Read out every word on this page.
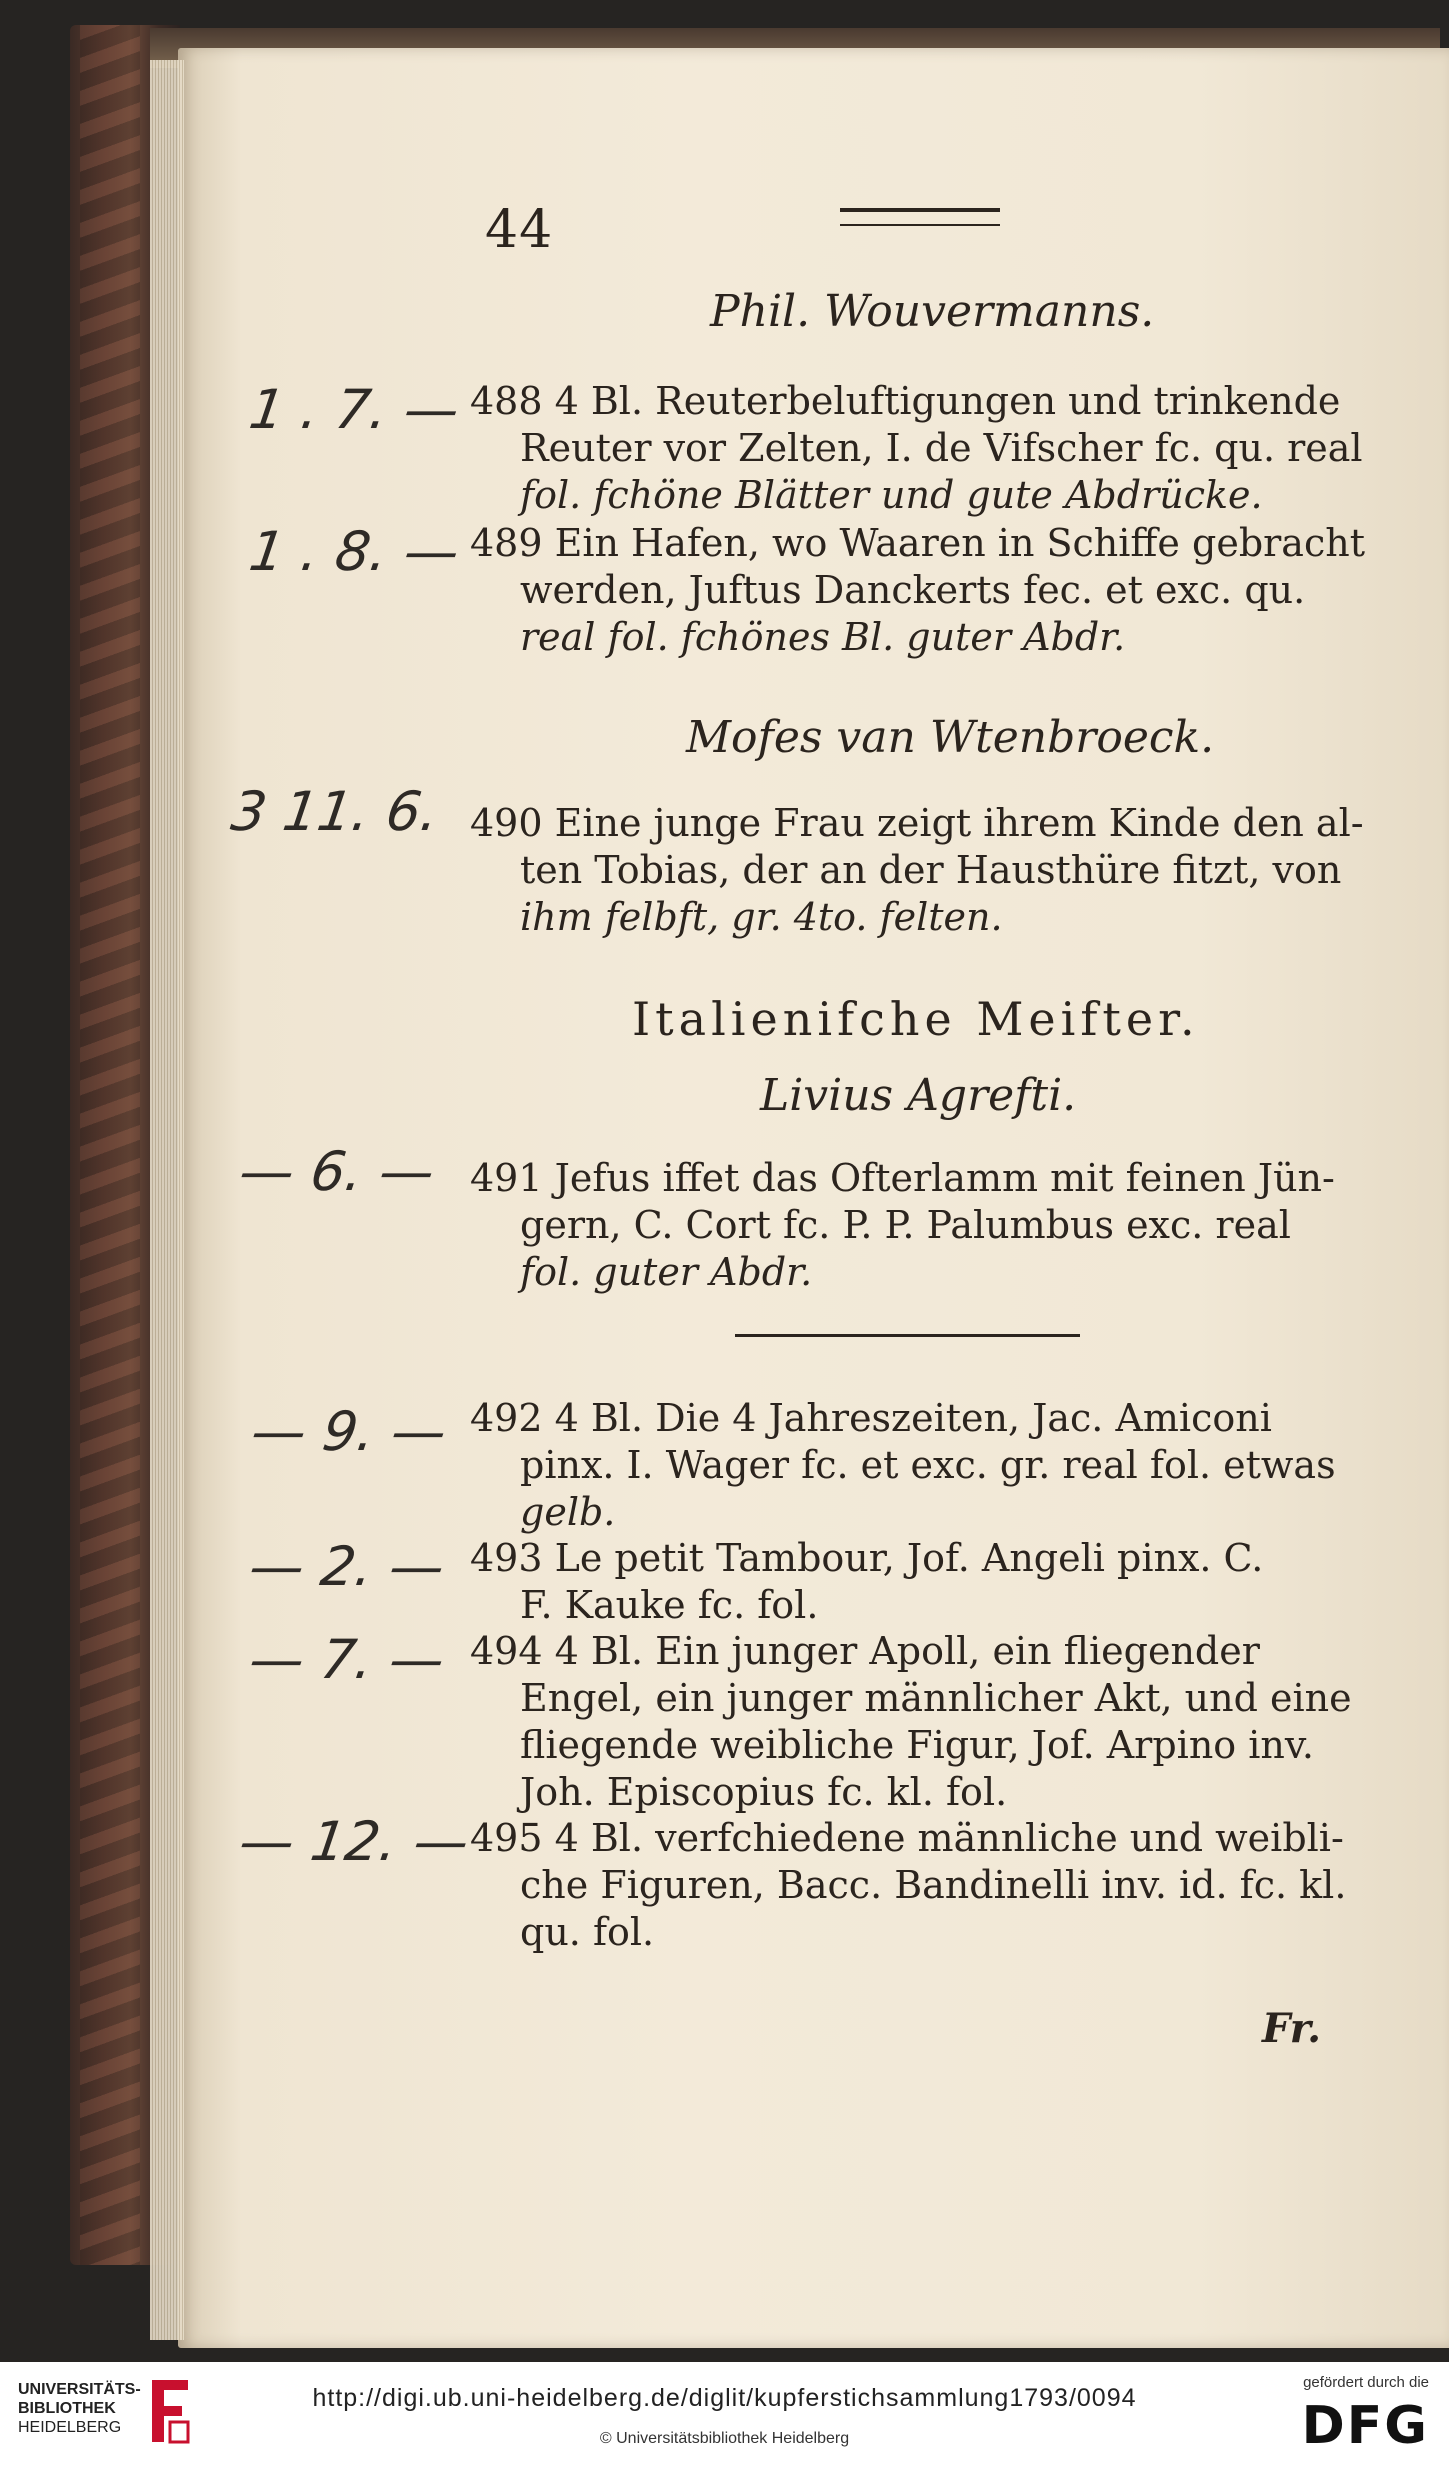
44
Phil. Wouvermanns.
1 . 7. — 488 4 Bl. Reuterbeluftigungen und trinkende
Reuter vor Zelten, I. de Vifscher fc. qu. real
fol. fchöne Blätter und gute Abdrücke.
1 . 8. — 489 Ein Hafen, wo Waaren in Schiffe gebracht
werden, Juftus Danckerts fec. et exc. qu.
real fol. fchönes Bl. guter Abdr.
Mofes van Wtenbroeck.
3 11. 6. 490 Eine junge Frau zeigt ihrem Kinde den al-
ten Tobias, der an der Hausthüre fitzt, von
ihm felbft, gr. 4to. felten.
Italienifche Meifter.
Livius Agrefti.
— 6. — 491 Jefus iffet das Ofterlamm mit feinen Jün-
gern, C. Cort fc. P. P. Palumbus exc. real
fol. guter Abdr.
— 9. — 492 4 Bl. Die 4 Jahreszeiten, Jac. Amiconi
pinx. I. Wager fc. et exc. gr. real fol. etwas
gelb.
— 2. — 493 Le petit Tambour, Jof. Angeli pinx. C.
F. Kauke fc. fol.
— 7. — 494 4 Bl. Ein junger Apoll, ein fliegender
Engel, ein junger männlicher Akt, und eine
fliegende weibliche Figur, Jof. Arpino inv.
Joh. Episcopius fc. kl. fol.
— 12. —
495 4 Bl. verfchiedene männliche und weibli-
che Figuren, Bacc. Bandinelli inv. id. fc. kl.
qu. fol.
Fr.
UNIVERSITÄTS-
BIBLIOTHEK
HEIDELBERG
http://digi.ub.uni-heidelberg.de/diglit/kupferstichsammlung1793/0094
© Universitätsbibliothek Heidelberg
gefördert durch die
DFG
